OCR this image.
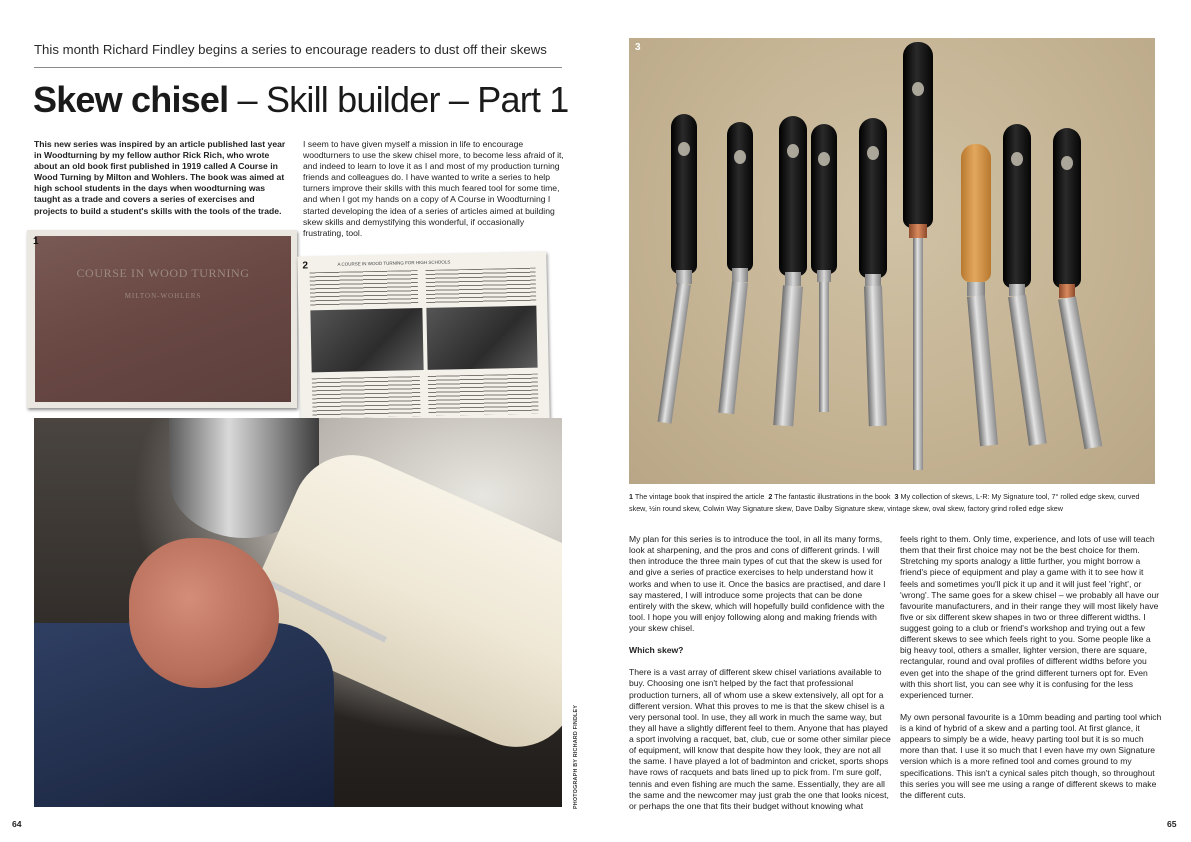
This month Richard Findley begins a series to encourage readers to dust off their skews
Skew chisel – Skill builder – Part 1
This new series was inspired by an article published last year in Woodturning by my fellow author Rick Rich, who wrote about an old book first published in 1919 called A Course in Wood Turning by Milton and Wohlers. The book was aimed at high school students in the days when woodturning was taught as a trade and covers a series of exercises and projects to build a student's skills with the tools of the trade.
I seem to have given myself a mission in life to encourage woodturners to use the skew chisel more, to become less afraid of it, and indeed to learn to love it as I and most of my production turning friends and colleagues do. I have wanted to write a series to help turners improve their skills with this much feared tool for some time, and when I got my hands on a copy of A Course in Woodturning I started developing the idea of a series of articles aimed at building skew skills and demystifying this wonderful, if occasionally frustrating, tool.
COURSE IN WOOD TURNING
MILTON-WOHLERS
1
2	A COURSE IN WOOD TURNING FOR HIGH SCHOOLS
PHOTOGRAPH BY RICHARD FINDLEY
64
3
1 The vintage book that inspired the article 2 The fantastic illustrations in the book 3 My collection of skews, L-R: My Signature tool, 7° rolled edge skew, curved skew, ½in round skew, Colwin Way Signature skew, Dave Dalby Signature skew, vintage skew, oval skew, factory grind rolled edge skew

My plan for this series is to introduce the tool, in all its many forms, look at sharpening, and the pros and cons of different grinds. I will then introduce the three main types of cut that the skew is used for and give a series of practice exercises to help understand how it works and when to use it. Once the basics are practised, and dare I say mastered, I will introduce some projects that can be done entirely with the skew, which will hopefully build confidence with the tool. I hope you will enjoy following along and making friends with your skew chisel.

Which skew?

There is a vast array of different skew chisel variations available to buy. Choosing one isn't helped by the fact that professional production turners, all of whom use a skew extensively, all opt for a different version. What this proves to me is that the skew chisel is a very personal tool. In use, they all work in much the same way, but they all have a slightly different feel to them. Anyone that has played a sport involving a racquet, bat, club, cue or some other similar piece of equipment, will know that despite how they look, they are not all the same. I have played a lot of badminton and cricket, sports shops have rows of racquets and bats lined up to pick from. I'm sure golf, tennis and even fishing are much the same. Essentially, they are all the same and the newcomer may just grab the one that looks nicest, or perhaps the one that fits their budget without knowing what

feels right to them. Only time, experience, and lots of use will teach them that their first choice may not be the best choice for them. Stretching my sports analogy a little further, you might borrow a friend's piece of equipment and play a game with it to see how it feels and sometimes you'll pick it up and it will just feel 'right', or 'wrong'. The same goes for a skew chisel – we probably all have our favourite manufacturers, and in their range they will most likely have five or six different skew shapes in two or three different widths. I suggest going to a club or friend's workshop and trying out a few different skews to see which feels right to you. Some people like a big heavy tool, others a smaller, lighter version, there are square, rectangular, round and oval profiles of different widths before you even get into the shape of the grind different turners opt for. Even with this short list, you can see why it is confusing for the less experienced turner.

My own personal favourite is a 10mm beading and parting tool which is a kind of hybrid of a skew and a parting tool. At first glance, it appears to simply be a wide, heavy parting tool but it is so much more than that. I use it so much that I even have my own Signature version which is a more refined tool and comes ground to my specifications. This isn't a cynical sales pitch though, so throughout this series you will see me using a range of different skews to make the different cuts.

65
